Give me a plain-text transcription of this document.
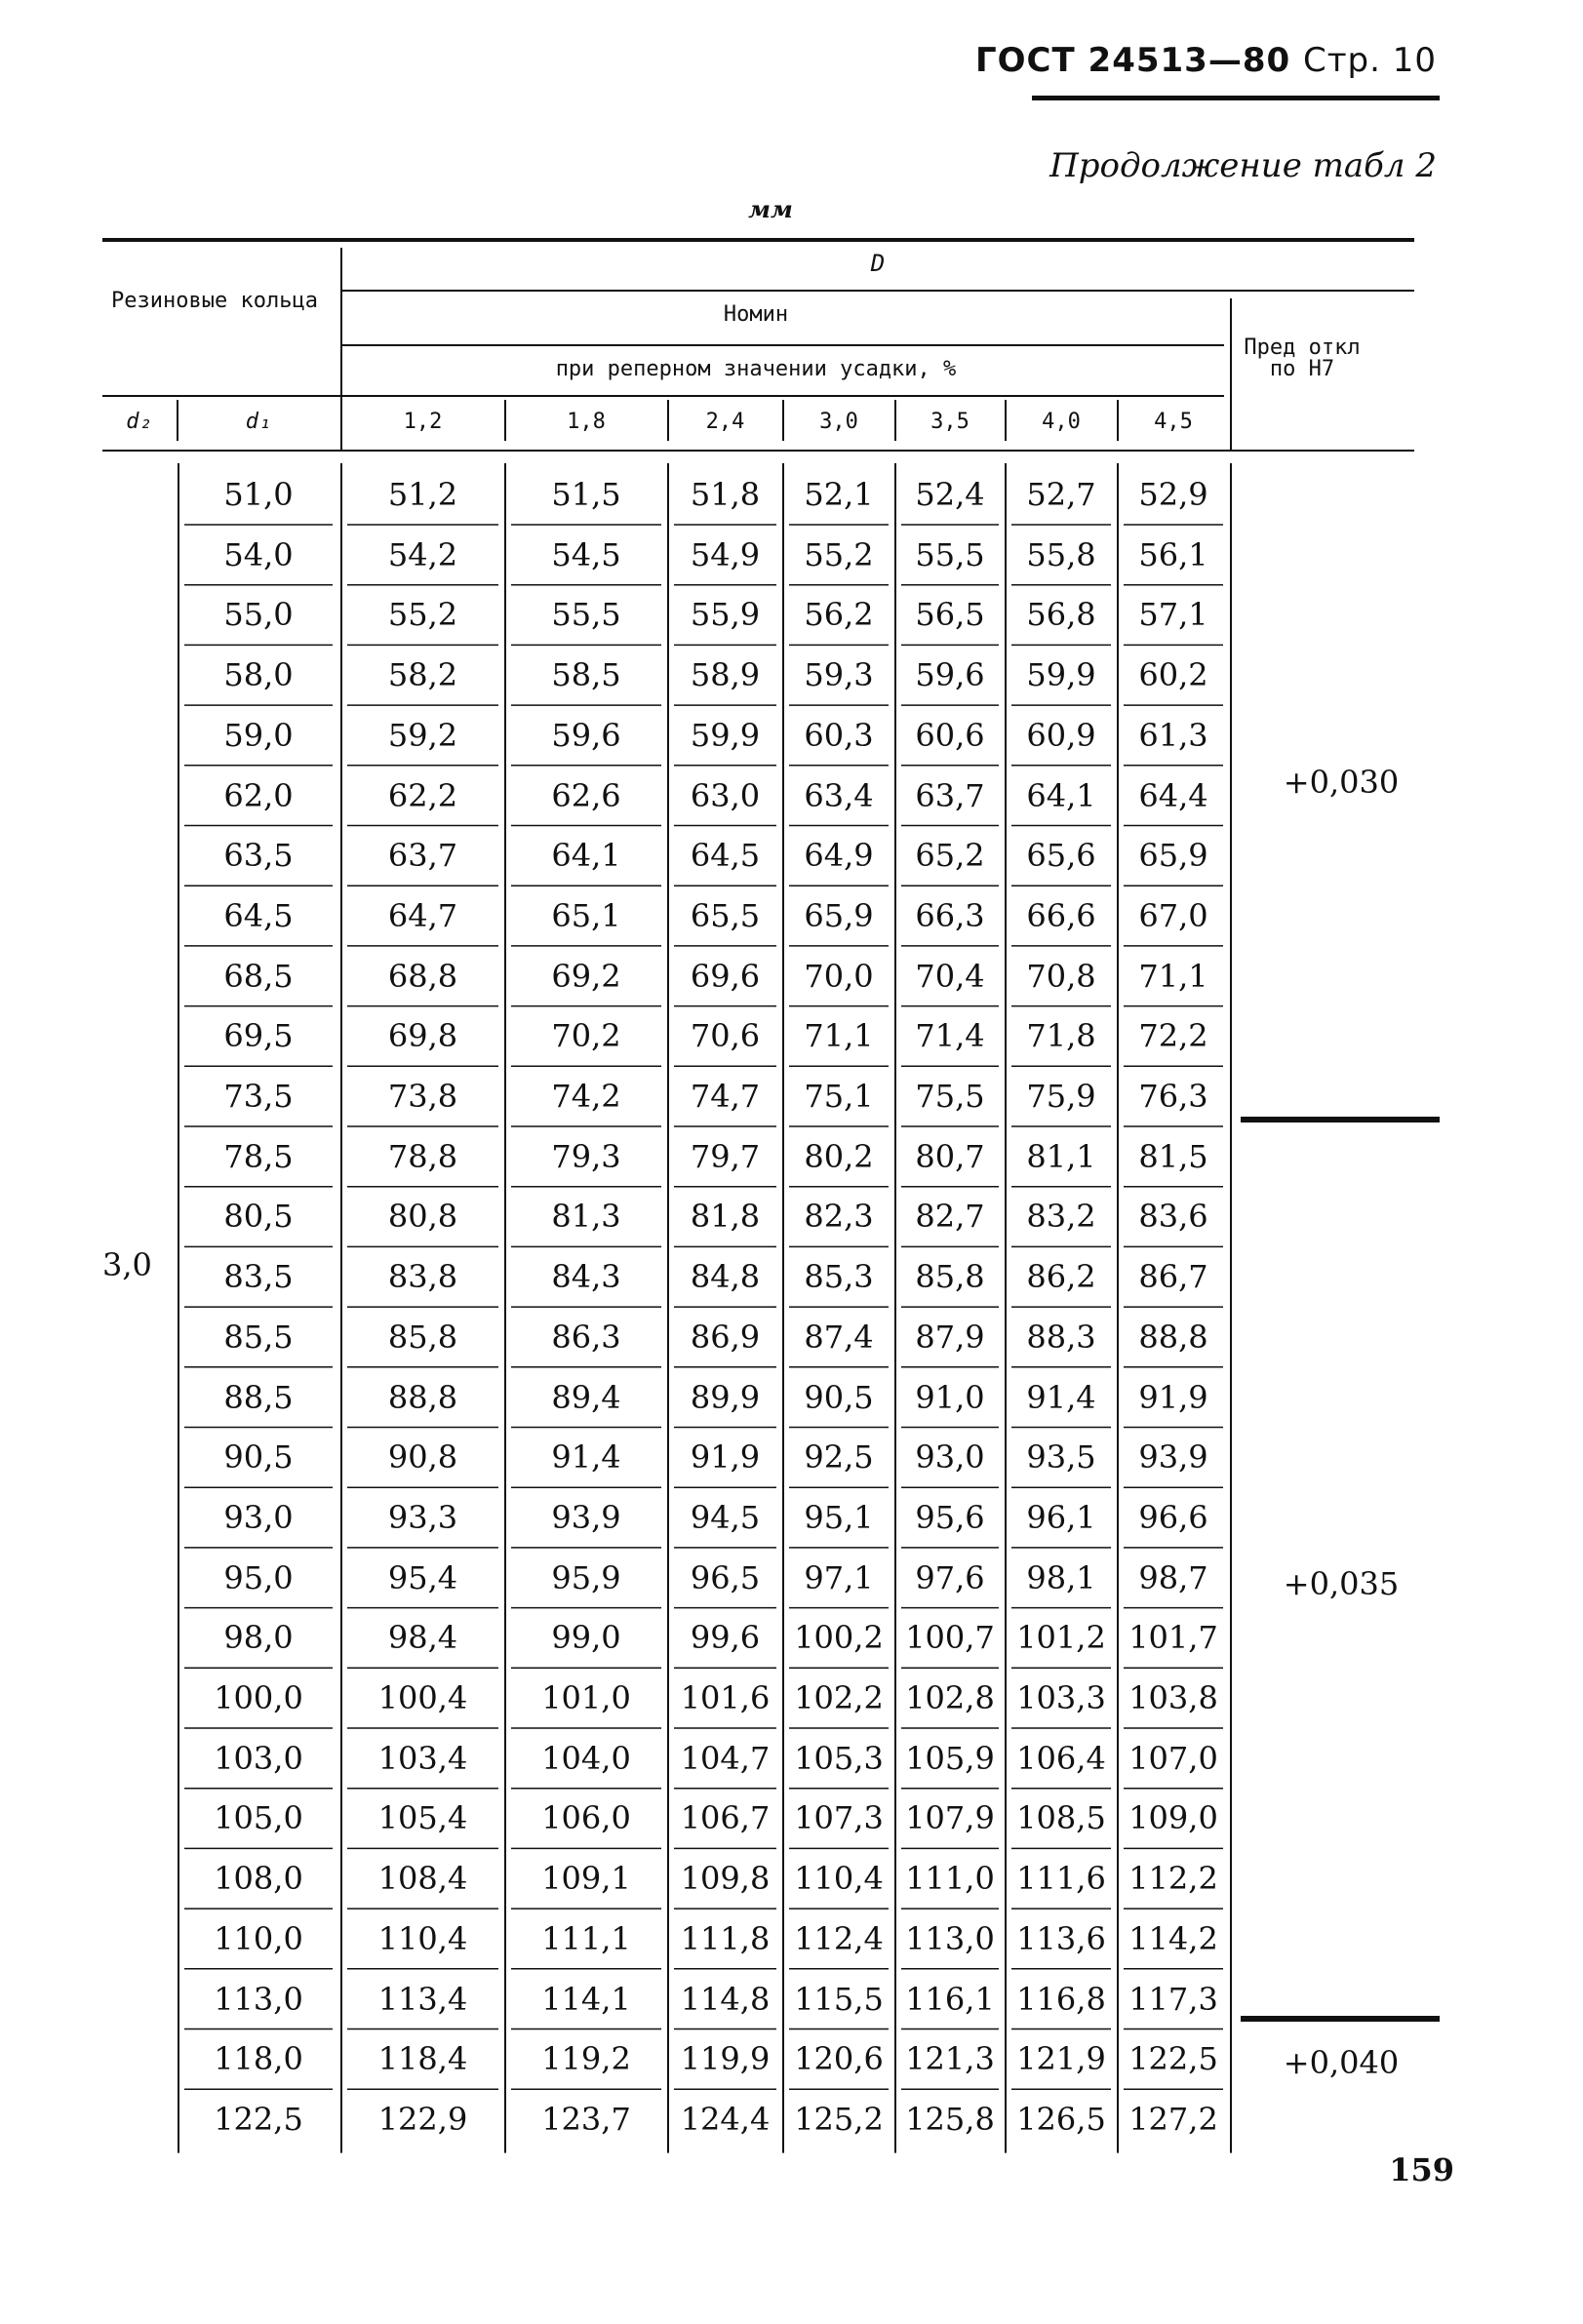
ГОСТ 24513—80 Стр. 10
Продолжение табл 2
мм
Резиновые кольца
D
Номин
при реперном значении усадки, %
Пред откл по Н7
d₂	d₁	1,2	1,8	2,4	3,0	3,5	4,0	4,5
3,0
51,0	51,2	51,5	51,8	52,1	52,4	52,7	52,9
54,0	54,2	54,5	54,9	55,2	55,5	55,8	56,1
55,0	55,2	55,5	55,9	56,2	56,5	56,8	57,1
58,0	58,2	58,5	58,9	59,3	59,6	59,9	60,2
59,0	59,2	59,6	59,9	60,3	60,6	60,9	61,3
62,0	62,2	62,6	63,0	63,4	63,7	64,1	64,4
63,5	63,7	64,1	64,5	64,9	65,2	65,6	65,9
64,5	64,7	65,1	65,5	65,9	66,3	66,6	67,0
68,5	68,8	69,2	69,6	70,0	70,4	70,8	71,1
69,5	69,8	70,2	70,6	71,1	71,4	71,8	72,2
73,5	73,8	74,2	74,7	75,1	75,5	75,9	76,3
78,5	78,8	79,3	79,7	80,2	80,7	81,1	81,5
80,5	80,8	81,3	81,8	82,3	82,7	83,2	83,6
83,5	83,8	84,3	84,8	85,3	85,8	86,2	86,7
85,5	85,8	86,3	86,9	87,4	87,9	88,3	88,8
88,5	88,8	89,4	89,9	90,5	91,0	91,4	91,9
90,5	90,8	91,4	91,9	92,5	93,0	93,5	93,9
93,0	93,3	93,9	94,5	95,1	95,6	96,1	96,6
95,0	95,4	95,9	96,5	97,1	97,6	98,1	98,7
98,0	98,4	99,0	99,6	100,2 100,7 101,2 101,7
100,0	100,4	101,0	101,6 102,2 102,8 103,3 103,8
103,0	103,4	104,0	104,7 105,3 105,9 106,4 107,0
105,0	105,4	106,0	106,7 107,3 107,9 108,5 109,0
108,0	108,4	109,1	109,8 110,4 111,0 111,6 112,2
110,0	110,4	111,1	111,8 112,4 113,0 113,6 114,2
113,0	113,4	114,1	114,8 115,5 116,1 116,8 117,3
118,0	118,4	119,2	119,9 120,6 121,3 121,9 122,5
122,5	122,9	123,7	124,4 125,2 125,8 126,5 127,2
+0,030
+0,035
+0,040
159
